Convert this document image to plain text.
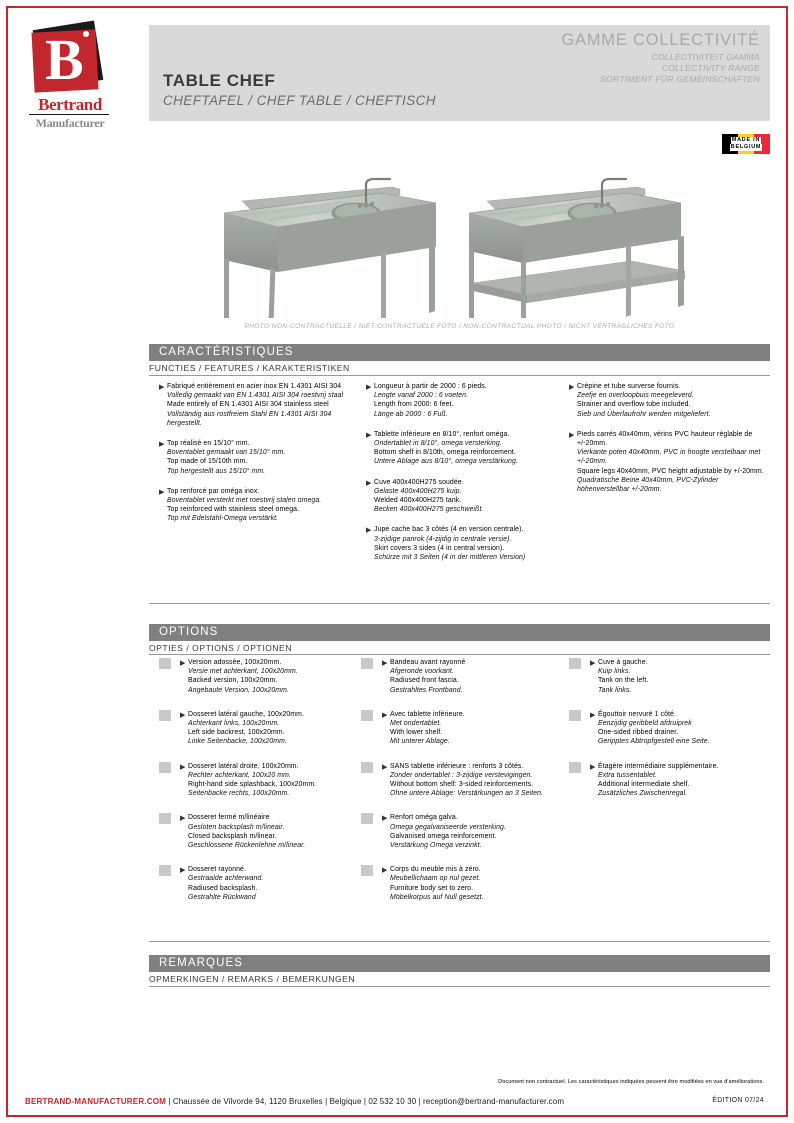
B
Bertrand
Manufacturer
TABLE CHEF
CHEFTAFEL / CHEF TABLE / CHEFTISCH
GAMME COLLECTIVITÉ
COLLECTIVITEIT GAMMA
COLLECTIVITY RANGE
SORTIMENT FÜR GEMEINSCHAFTEN
MADE IN
BELGIUM
PHOTO NON-CONTRACTUELLE / NIET-CONTRACTUELE FOTO / NON-CONTRACTUAL PHOTO / NICHT VERTRAGLICHES FOTO
CARACTÉRISTIQUES
FUNCTIES / FEATURES / KARAKTERISTIKEN
▶ Fabriqué entièrement en acier inox EN 1.4301 AISI 304
Volledig gemaakt van EN 1.4301 AISI 304 roestvrij staal
Made entirely of EN 1.4301 AISI 304 stainless steel
Vollständig aus rostfreiem Stahl EN 1.4301 AISI 304 hergestellt.
▶ Top réalisé en 15/10° mm.
Boventablet gemaakt van 15/10° mm.
Top made of 15/10th mm.
Top hergestellt aus 15/10° mm.
▶ Top renforcé par oméga inox.
Boventablet versterkt met roestvrij stalen omega.
Top reinforced with stainless steel omega.
Top mit Edelstahl-Omega verstärkt.
▶ Longueur à partir de 2000 : 6 pieds.
Lengte vanaf 2000 : 6 voeten.
Length from 2000: 6 feet.
Länge ab 2000 : 6 Fuß.
▶ Tablette inférieure en 8/10°, renfort oméga.
Ondertablet in 8/10°, omega versterking.
Bottom shelf in 8/10th, omega reinforcement.
Untere Ablage aus 8/10°, omega verstärkung.
▶ Cuve 400x400H275 soudée.
Gelaste 400x400H275 kuip.
Welded 400x400H275 tank.
Becken 400x400H275 geschweißt.
▶ Jupe cache bac 3 côtés (4 en version centrale).
3-zijdige panrok (4-zijdig in centrale versie).
Skirt covers 3 sides (4 in central version).
Schürze mit 3 Seiten (4 in der mittleren Version)
▶ Crépine et tube surverse fournis.
Zeefje en overloopbuis meegeleverd.
Strainer and overflow tube included.
Sieb und Überlaufrohr werden mitgeliefert.
▶ Pieds carrés 40x40mm, vérins PVC hauteur réglable de +/-20mm.
Vierkante poten 40x40mm, PVC in hoogte verstelbaar met +/-20mm.
Square legs 40x40mm, PVC height adjustable by +/-20mm.
Quadratische Beine 40x40mm, PVC-Zylinder höhenverstellbar +/-20mm.
OPTIONS
OPTIES / OPTIONS / OPTIONEN
▶ Version adossée, 100x20mm.
Versie met achterkant, 100x20mm.
Backed version, 100x20mm.
Angebaute Version, 100x20mm.
▶ Dosseret latéral gauche, 100x20mm.
Achterkant links, 100x20mm.
Left side backrest, 100x20mm.
Linke Seitenbacke, 100x20mm.
▶ Dosseret latéral droite, 100x20mm.
Rechter achterkant, 100x20 mm.
Right-hand side splashback, 100x20mm.
Seitenbacke rechts, 100x20mm.
▶ Dosseret fermé m/linéaire
Gesloten backsplash m/lineair.
Closed backsplash m/linear.
Geschlossene Rückenlehne m/linear.
▶ Dosseret rayonné.
Gestraalde achterwand.
Radiused backsplash.
Gestrahlte Rückwand
▶ Bandeau avant rayonné
Afgeronde voorkant.
Radiused front fascia.
Gestrahltes Frontband.
▶ Avec tablette inférieure.
Met ondertablet.
With lower shelf.
Mit unterer Ablage.
▶ SANS tablette inférieure : renforts 3 côtés.
Zonder ondertablet : 3-zijdige verstevigingen.
Without bottom shelf: 3-sided reinforcements.
Ohne untere Ablage: Verstärkungen an 3 Seiten.
▶ Renfort oméga galva.
Omega gegalvaniseerde versterking.
Galvanised omega reinforcement.
Verstärkung Omega verzinkt.
▶ Corps du meuble mis à zéro.
Meubellichaam op nul gezet.
Furniture body set to zero.
Möbelkorpus auf Null gesetzt.
▶ Cuve à gauche.
Kuip links.
Tank on the left.
Tank links.
▶ Égouttoir nervuré 1 côté.
Eenzijdig geribbeld afdruiprek
One-sided ribbed drainer.
Geripptes Abtropfgestell eine Seite.
▶ Étagère intermédiaire supplémentaire.
Extra tussentablet.
Additional intermediate shelf.
Zusätzliches Zwischenregal.
REMARQUES
OPMERKINGEN / REMARKS / BEMERKUNGEN
Document non contractuel. Les caractéristiques indiquées peuvent être modifiées en vue d'améliorations.
BERTRAND-MANUFACTURER.COM | Chaussée de Vilvorde 94, 1120 Bruxelles | Belgique | 02 532 10 30 | reception@bertrand-manufacturer.com	ÉDITION 07/24
